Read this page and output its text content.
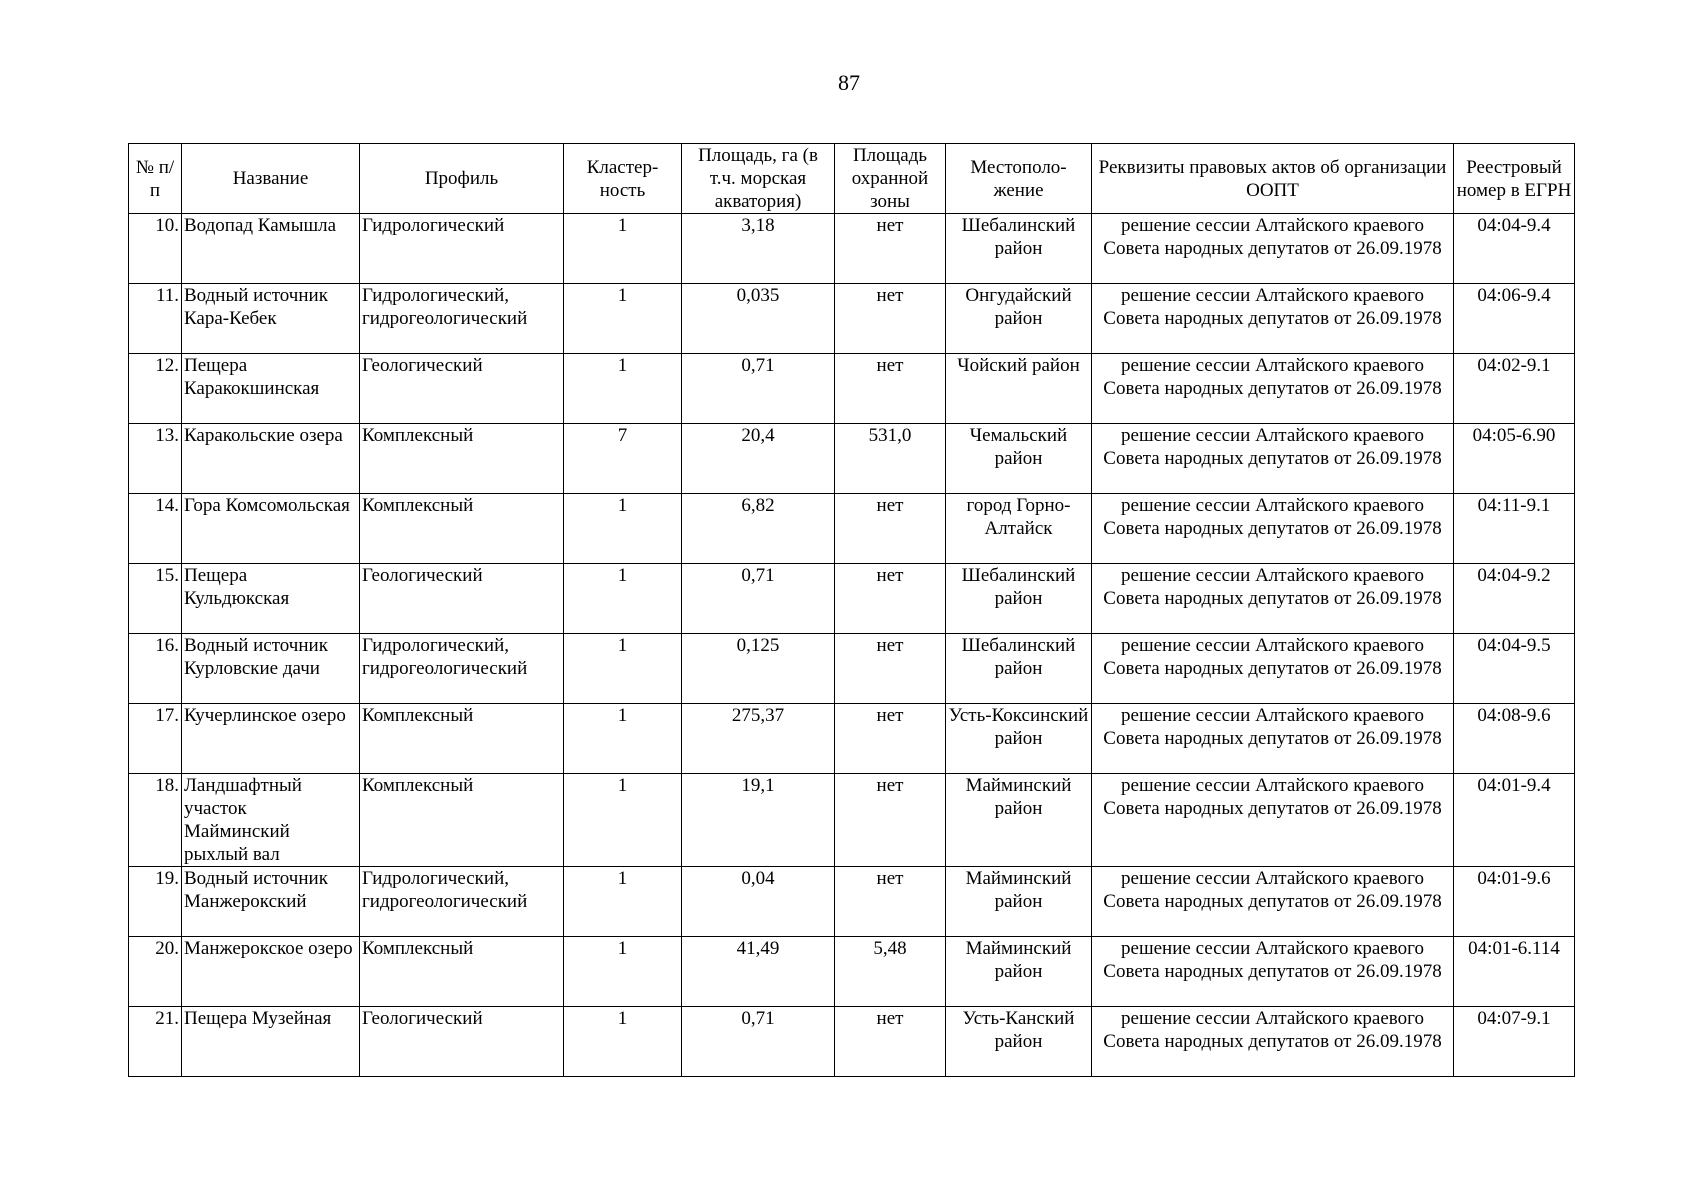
87
№ п/п	Название	Профиль	Кластер-ность	Площадь, га (в т.ч. морская акватория)	Площадь охранной зоны	Местополо-жение	Реквизиты правовых актов об организации ООПТ	Реестровый номер в ЕГРН
10.	Водопад Камышла	Гидрологический	1	3,18	нет	Шебалинский район	решение сессии Алтайского краевого Совета народных депутатов от 26.09.1978	04:04-9.4
11.	Водный источник Кара-Кебек	Гидрологический, гидрогеологический	1	0,035	нет	Онгудайский район	решение сессии Алтайского краевого Совета народных депутатов от 26.09.1978	04:06-9.4
12.	Пещера Каракокшинская	Геологический	1	0,71	нет	Чойский район	решение сессии Алтайского краевого Совета народных депутатов от 26.09.1978	04:02-9.1
13.	Каракольские озера	Комплексный	7	20,4	531,0	Чемальский район	решение сессии Алтайского краевого Совета народных депутатов от 26.09.1978	04:05-6.90
14.	Гора Комсомольская	Комплексный	1	6,82	нет	город Горно-Алтайск	решение сессии Алтайского краевого Совета народных депутатов от 26.09.1978	04:11-9.1
15.	Пещера Кульдюкская	Геологический	1	0,71	нет	Шебалинский район	решение сессии Алтайского краевого Совета народных депутатов от 26.09.1978	04:04-9.2
16.	Водный источник Курловские дачи	Гидрологический, гидрогеологический	1	0,125	нет	Шебалинский район	решение сессии Алтайского краевого Совета народных депутатов от 26.09.1978	04:04-9.5
17.	Кучерлинское озеро	Комплексный	1	275,37	нет	Усть-Коксинский район	решение сессии Алтайского краевого Совета народных депутатов от 26.09.1978	04:08-9.6
18.	Ландшафтный участок Майминский рыхлый вал	Комплексный	1	19,1	нет	Майминский район	решение сессии Алтайского краевого Совета народных депутатов от 26.09.1978	04:01-9.4
19.	Водный источник Манжерокский	Гидрологический, гидрогеологический	1	0,04	нет	Майминский район	решение сессии Алтайского краевого Совета народных депутатов от 26.09.1978	04:01-9.6
20.	Манжерокское озеро	Комплексный	1	41,49	5,48	Майминский район	решение сессии Алтайского краевого Совета народных депутатов от 26.09.1978	04:01-6.114
21.	Пещера Музейная	Геологический	1	0,71	нет	Усть-Канский район	решение сессии Алтайского краевого Совета народных депутатов от 26.09.1978	04:07-9.1
